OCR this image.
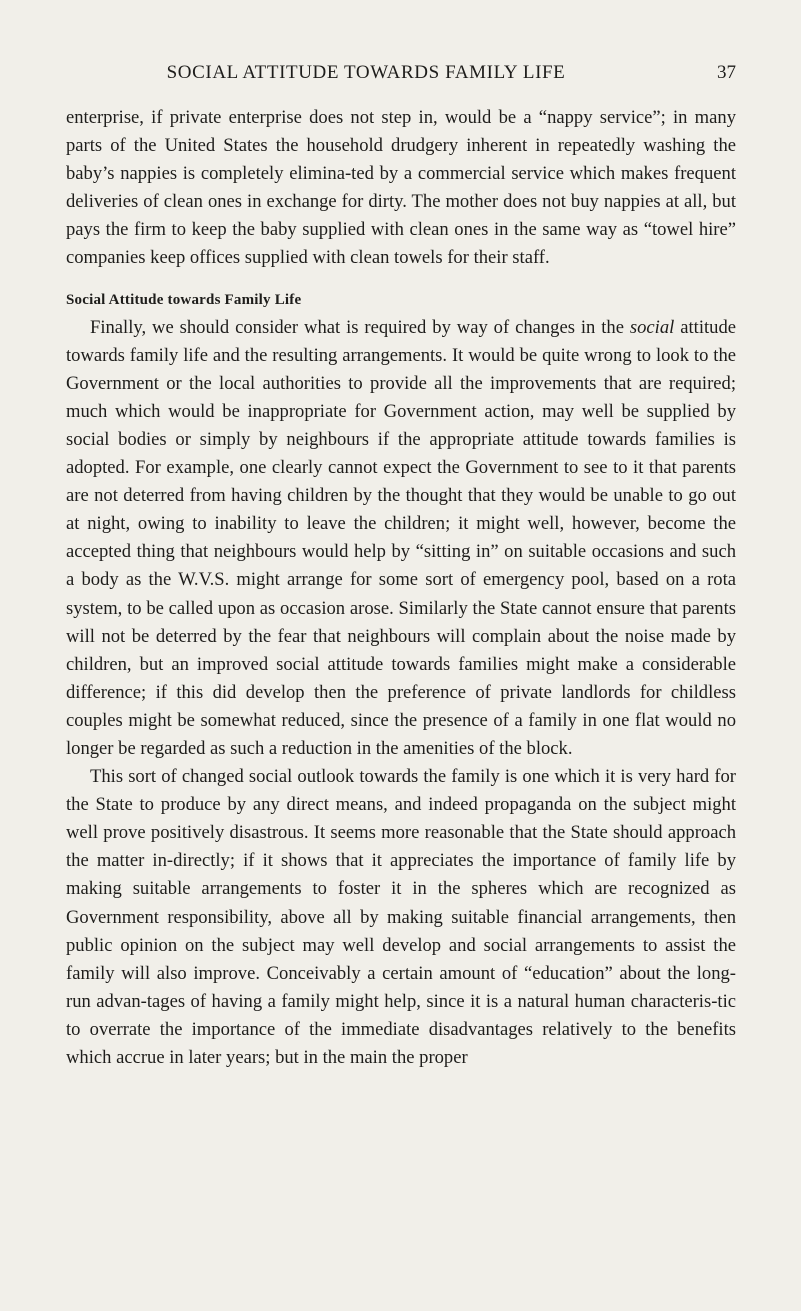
SOCIAL ATTITUDE TOWARDS FAMILY LIFE	37

enterprise, if private enterprise does not step in, would be a “nappy service”; in many parts of the United States the household drudgery inherent in repeatedly washing the baby’s nappies is completely elimina-ted by a commercial service which makes frequent deliveries of clean ones in exchange for dirty. The mother does not buy nappies at all, but pays the firm to keep the baby supplied with clean ones in the same way as “towel hire” companies keep offices supplied with clean towels for their staff.

Social Attitude towards Family Life

Finally, we should consider what is required by way of changes in the social attitude towards family life and the resulting arrangements. It would be quite wrong to look to the Government or the local authorities to provide all the improvements that are required; much which would be inappropriate for Government action, may well be supplied by social bodies or simply by neighbours if the appropriate attitude towards families is adopted. For example, one clearly cannot expect the Government to see to it that parents are not deterred from having children by the thought that they would be unable to go out at night, owing to inability to leave the children; it might well, however, become the accepted thing that neighbours would help by “sitting in” on suitable occasions and such a body as the W.V.S. might arrange for some sort of emergency pool, based on a rota system, to be called upon as occasion arose. Similarly the State cannot ensure that parents will not be deterred by the fear that neighbours will complain about the noise made by children, but an improved social attitude towards families might make a considerable difference; if this did develop then the preference of private landlords for childless couples might be somewhat reduced, since the presence of a family in one flat would no longer be regarded as such a reduction in the amenities of the block.

This sort of changed social outlook towards the family is one which it is very hard for the State to produce by any direct means, and indeed propaganda on the subject might well prove positively disastrous. It seems more reasonable that the State should approach the matter in-directly; if it shows that it appreciates the importance of family life by making suitable arrangements to foster it in the spheres which are recognized as Government responsibility, above all by making suitable financial arrangements, then public opinion on the subject may well develop and social arrangements to assist the family will also improve. Conceivably a certain amount of “education” about the long-run advan-tages of having a family might help, since it is a natural human characteris-tic to overrate the importance of the immediate disadvantages relatively to the benefits which accrue in later years; but in the main the proper
